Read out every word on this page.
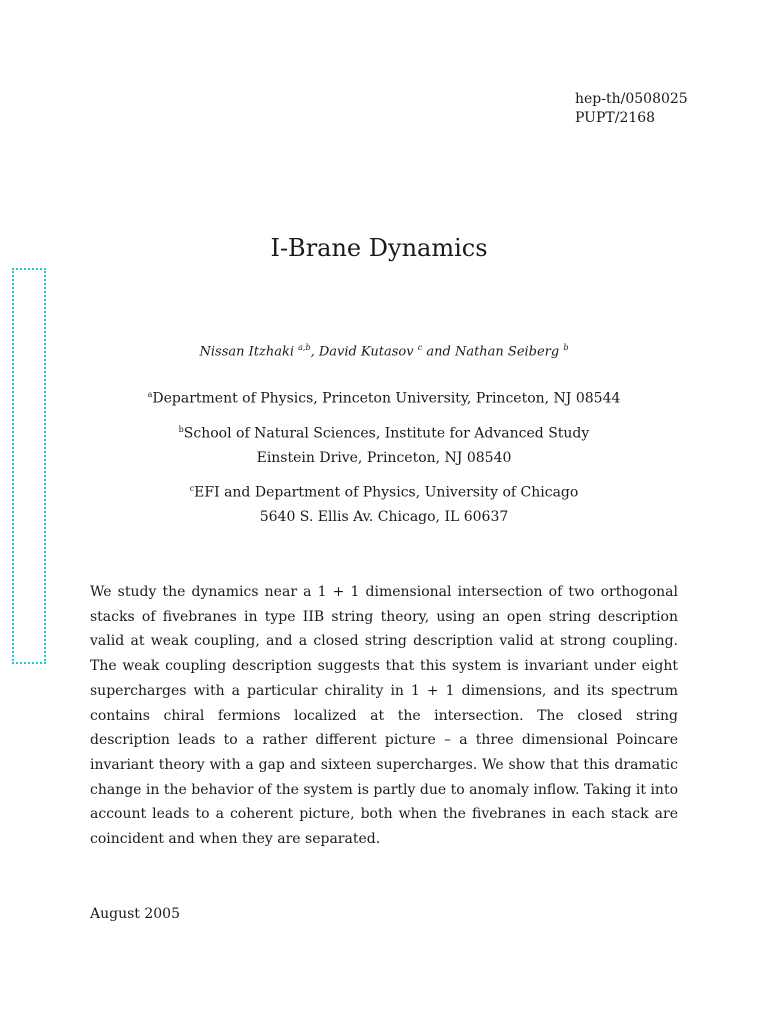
hep-th/0508025
PUPT/2168
I-Brane Dynamics
Nissan Itzhaki $^{a,b}$, David Kutasov $^c$ and Nathan Seiberg $^b$
$^a$Department of Physics, Princeton University, Princeton, NJ 08544
$^b$School of Natural Sciences, Institute for Advanced Study
Einstein Drive, Princeton, NJ 08540
$^c$EFI and Department of Physics, University of Chicago
5640 S. Ellis Av. Chicago, IL 60637

We study the dynamics near a 1 + 1 dimensional intersection of two orthogonal stacks of fivebranes in type IIB string theory, using an open string description valid at weak coupling, and a closed string description valid at strong coupling. The weak coupling description suggests that this system is invariant under eight supercharges with a particular chirality in 1 + 1 dimensions, and its spectrum contains chiral fermions localized at the intersection. The closed string description leads to a rather different picture – a three dimensional Poincare invariant theory with a gap and sixteen supercharges. We show that this dramatic change in the behavior of the system is partly due to anomaly inflow. Taking it into account leads to a coherent picture, both when the fivebranes in each stack are coincident and when they are separated.

August 2005
